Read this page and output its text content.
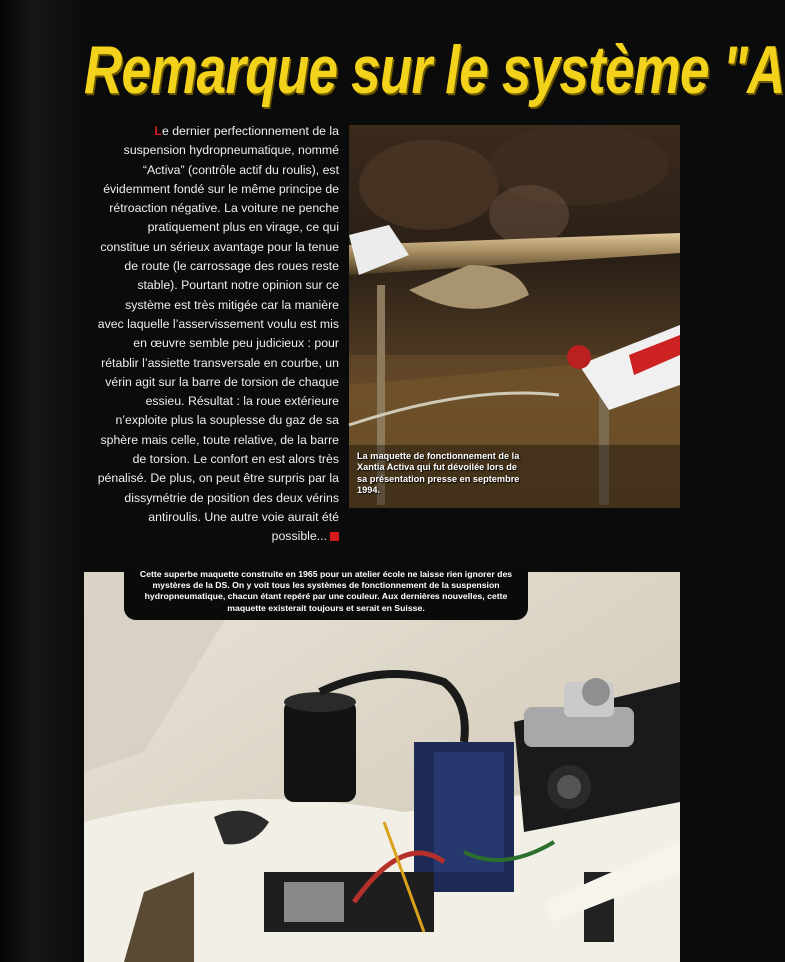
Remarque sur le système "A

Le dernier perfectionnement de la suspension hydropneumatique, nommé “Activa” (contrôle actif du roulis), est évidemment fondé sur le même principe de rétroaction négative. La voiture ne penche pratiquement plus en virage, ce qui constitue un sérieux avantage pour la tenue de route (le carrossage des roues reste stable). Pourtant notre opinion sur ce système est très mitigée car la manière avec laquelle l’asservissement voulu est mis en œuvre semble peu judicieux : pour rétablir l’assiette transversale en courbe, un vérin agit sur la barre de torsion de chaque essieu. Résultat : la roue extérieure n’exploite plus la souplesse du gaz de sa sphère mais celle, toute relative, de la barre de torsion. Le confort en est alors très pénalisé. De plus, on peut être surpris par la dissymétrie de position des deux vérins antiroulis. Une autre voie aurait été possible...

La maquette de fonctionnement de la Xantia Activa qui fut dévoilée lors de sa présentation presse en septembre 1994.
Cette superbe maquette construite en 1965 pour un atelier école ne laisse rien ignorer des mystères de la DS. On y voit tous les systèmes de fonctionnement de la suspension hydropneumatique, chacun étant repéré par une couleur. Aux dernières nouvelles, cette maquette existerait toujours et serait en Suisse.
